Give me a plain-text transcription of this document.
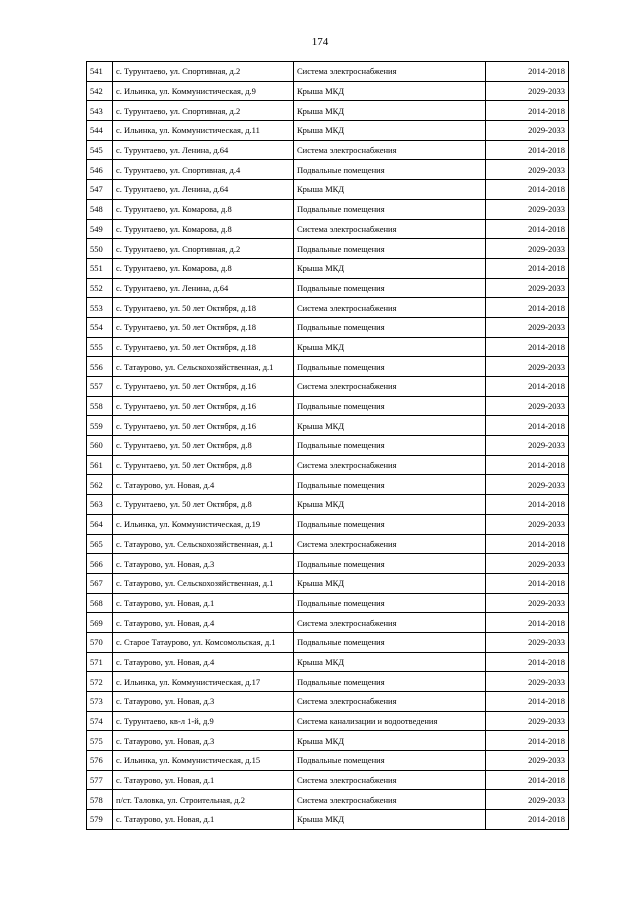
174
541	с. Турунтаево, ул. Спортивная, д.2	Система электроснабжения	2014-2018
542	с. Ильинка, ул. Коммунистическая, д.9	Крыша МКД	2029-2033
543	с. Турунтаево, ул. Спортивная, д.2	Крыша МКД	2014-2018
544	с. Ильинка, ул. Коммунистическая, д.11	Крыша МКД	2029-2033
545	с. Турунтаево, ул. Ленина, д.64	Система электроснабжения	2014-2018
546	с. Турунтаево, ул. Спортивная, д.4	Подвальные помещения	2029-2033
547	с. Турунтаево, ул. Ленина, д.64	Крыша МКД	2014-2018
548	с. Турунтаево, ул. Комарова, д.8	Подвальные помещения	2029-2033
549	с. Турунтаево, ул. Комарова, д.8	Система электроснабжения	2014-2018
550	с. Турунтаево, ул. Спортивная, д.2	Подвальные помещения	2029-2033
551	с. Турунтаево, ул. Комарова, д.8	Крыша МКД	2014-2018
552	с. Турунтаево, ул. Ленина, д.64	Подвальные помещения	2029-2033
553	с. Турунтаево, ул. 50 лет Октября, д.18	Система электроснабжения	2014-2018
554	с. Турунтаево, ул. 50 лет Октября, д.18	Подвальные помещения	2029-2033
555	с. Турунтаево, ул. 50 лет Октября, д.18	Крыша МКД	2014-2018
556	с. Татаурово, ул. Сельскохозяйственная, д.1	Подвальные помещения	2029-2033
557	с. Турунтаево, ул. 50 лет Октября, д.16	Система электроснабжения	2014-2018
558	с. Турунтаево, ул. 50 лет Октября, д.16	Подвальные помещения	2029-2033
559	с. Турунтаево, ул. 50 лет Октября, д.16	Крыша МКД	2014-2018
560	с. Турунтаево, ул. 50 лет Октября, д.8	Подвальные помещения	2029-2033
561	с. Турунтаево, ул. 50 лет Октября, д.8	Система электроснабжения	2014-2018
562	с. Татаурово, ул. Новая, д.4	Подвальные помещения	2029-2033
563	с. Турунтаево, ул. 50 лет Октября, д.8	Крыша МКД	2014-2018
564	с. Ильинка, ул. Коммунистическая, д.19	Подвальные помещения	2029-2033
565	с. Татаурово, ул. Сельскохозяйственная, д.1	Система электроснабжения	2014-2018
566	с. Татаурово, ул. Новая, д.3	Подвальные помещения	2029-2033
567	с. Татаурово, ул. Сельскохозяйственная, д.1	Крыша МКД	2014-2018
568	с. Татаурово, ул. Новая, д.1	Подвальные помещения	2029-2033
569	с. Татаурово, ул. Новая, д.4	Система электроснабжения	2014-2018
570	с. Старое Татаурово, ул. Комсомольская, д.1	Подвальные помещения	2029-2033
571	с. Татаурово, ул. Новая, д.4	Крыша МКД	2014-2018
572	с. Ильинка, ул. Коммунистическая, д.17	Подвальные помещения	2029-2033
573	с. Татаурово, ул. Новая, д.3	Система электроснабжения	2014-2018
574	с. Турунтаево, кв-л 1-й, д.9	Система канализации и водоотведения	2029-2033
575	с. Татаурово, ул. Новая, д.3	Крыша МКД	2014-2018
576	с. Ильинка, ул. Коммунистическая, д.15	Подвальные помещения	2029-2033
577	с. Татаурово, ул. Новая, д.1	Система электроснабжения	2014-2018
578	п/ст. Таловка, ул. Строительная, д.2	Система электроснабжения	2029-2033
579	с. Татаурово, ул. Новая, д.1	Крыша МКД	2014-2018
